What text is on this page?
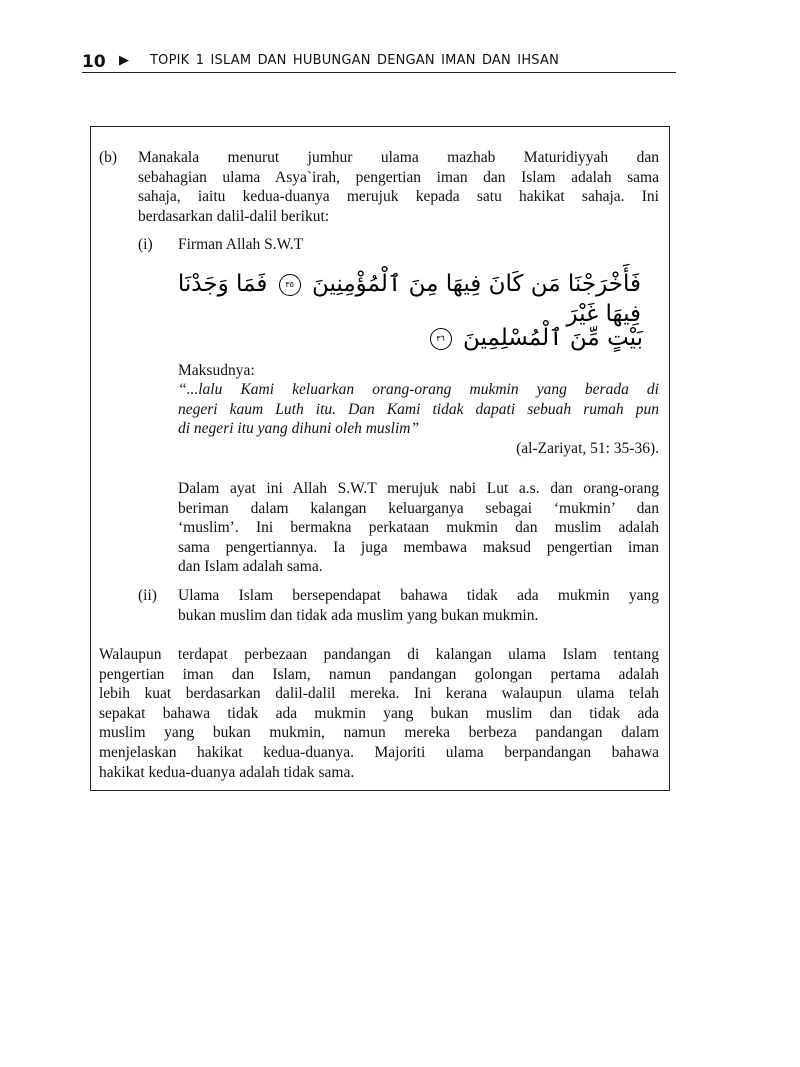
10 ▶ TOPIK 1 ISLAM DAN HUBUNGAN DENGAN IMAN DAN IHSAN
(b) Manakala menurut jumhur ulama mazhab Maturidiyyah dan
sebahagian ulama Asya`irah, pengertian iman dan Islam adalah sama
sahaja, iaitu kedua-duanya merujuk kepada satu hakikat sahaja. Ini
berdasarkan dalil-dalil berikut:
(i) Firman Allah S.W.T
فَأَخْرَجْنَا مَن كَانَ فِيهَا مِنَ ٱلْمُؤْمِنِينَ ٣٥ فَمَا وَجَدْنَا فِيهَا غَيْرَ
بَيْتٍ مِّنَ ٱلْمُسْلِمِينَ ٣٦
Maksudnya:
“...lalu Kami keluarkan orang-orang mukmin yang berada di
negeri kaum Luth itu. Dan Kami tidak dapati sebuah rumah pun
di negeri itu yang dihuni oleh muslim”
(al-Zariyat, 51: 35-36).
Dalam ayat ini Allah S.W.T merujuk nabi Lut a.s. dan orang-orang
beriman dalam kalangan keluarganya sebagai ‘mukmin’ dan
‘muslim’. Ini bermakna perkataan mukmin dan muslim adalah
sama pengertiannya. Ia juga membawa maksud pengertian iman
dan Islam adalah sama.
(ii) Ulama Islam bersependapat bahawa tidak ada mukmin yang
bukan muslim dan tidak ada muslim yang bukan mukmin.
Walaupun terdapat perbezaan pandangan di kalangan ulama Islam tentang
pengertian iman dan Islam, namun pandangan golongan pertama adalah
lebih kuat berdasarkan dalil-dalil mereka. Ini kerana walaupun ulama telah
sepakat bahawa tidak ada mukmin yang bukan muslim dan tidak ada
muslim yang bukan mukmin, namun mereka berbeza pandangan dalam
menjelaskan hakikat kedua-duanya. Majoriti ulama berpandangan bahawa
hakikat kedua-duanya adalah tidak sama.
